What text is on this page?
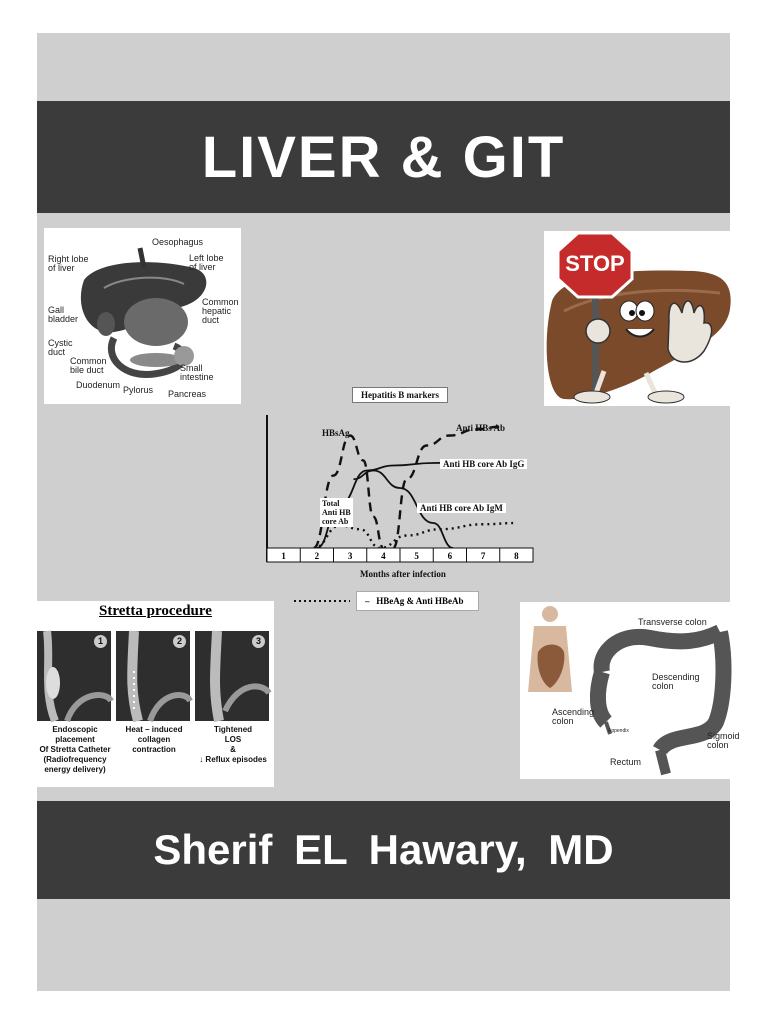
LIVER & GIT
Oesophagus
Right lobe
of liver
Left lobe
of liver
Gall
bladder
Common
hepatic
duct
Cystic
duct
Common
bile duct	Small
intestine
Duodenum Pylorus Pancreas
STOP
Hepatitis B markers
1	2	3	4	5	6	7	8
HBsAg	Anti HBs Ab
Anti HB core Ab IgG
Anti HB core Ab IgM
Total
Anti HB
core Ab
Months after infection
–   HBeAg & Anti HBeAb
Stretta procedure
1	2	3
Endoscopic
placement
Of Stretta Catheter
(Radiofrequency
energy delivery)
Heat – induced
collagen
contraction
Tightened
LOS
&
↓ Reflux episodes
Transverse colon
Descending
colon
Ascending
colon
Appendix	Sigmoid
colon
Rectum
Sherif EL Hawary, MD
